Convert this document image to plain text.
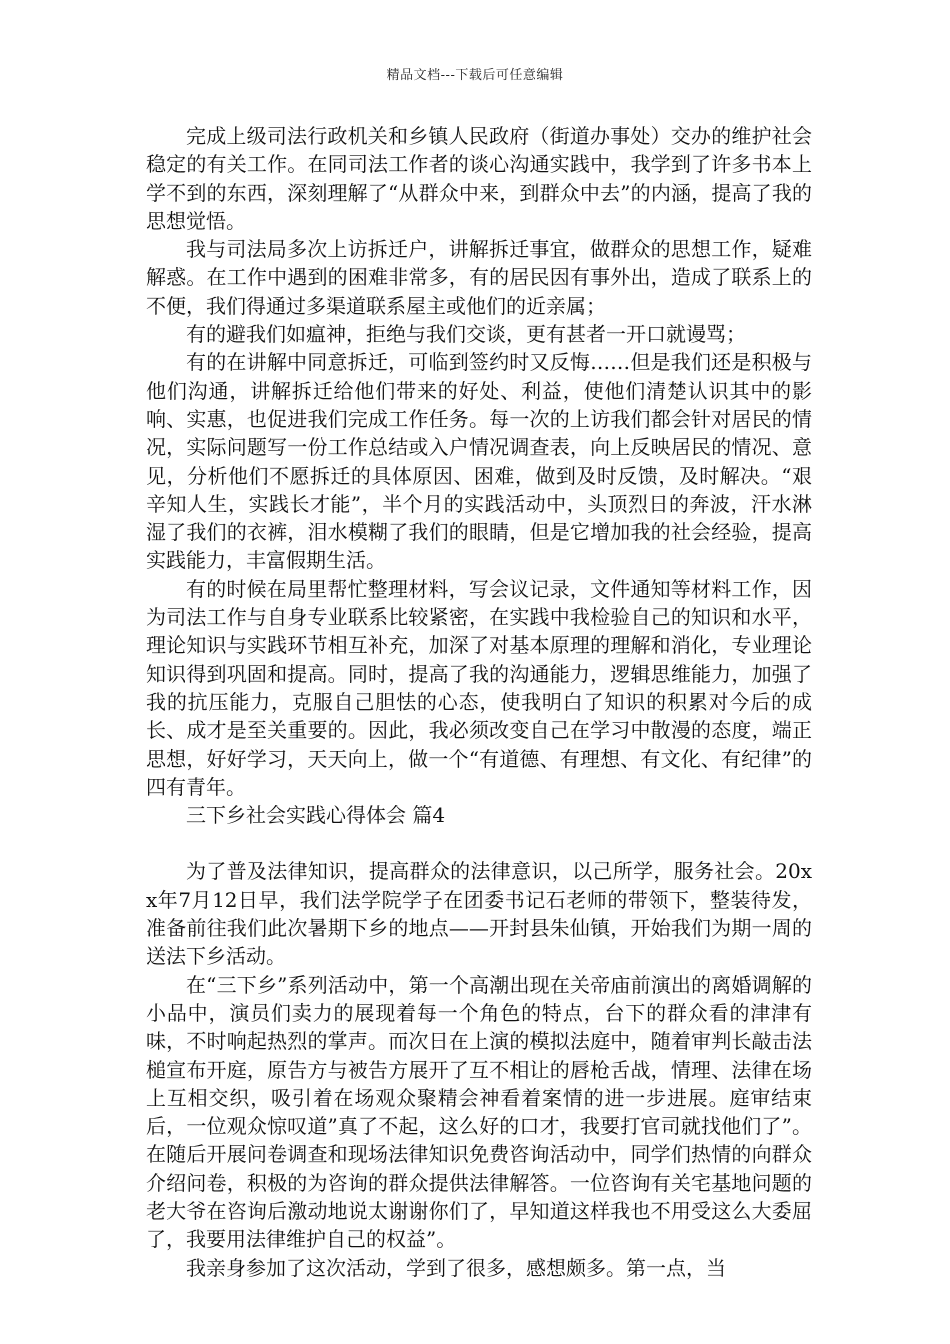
精品文档---下载后可任意编辑

完成上级司法行政机关和乡镇人民政府（街道办事处）交办的维护社会稳定的有关工作。在同司法工作者的谈心沟通实践中，我学到了许多书本上学不到的东西，深刻理解了“从群众中来，到群众中去”的内涵，提高了我的思想觉悟。

我与司法局多次上访拆迁户，讲解拆迁事宜，做群众的思想工作，疑难解惑。在工作中遇到的困难非常多，有的居民因有事外出，造成了联系上的不便，我们得通过多渠道联系屋主或他们的近亲属；

有的避我们如瘟神，拒绝与我们交谈，更有甚者一开口就谩骂；

有的在讲解中同意拆迁，可临到签约时又反悔……但是我们还是积极与他们沟通，讲解拆迁给他们带来的好处、利益，使他们清楚认识其中的影响、实惠，也促进我们完成工作任务。每一次的上访我们都会针对居民的情况，实际问题写一份工作总结或入户情况调查表，向上反映居民的情况、意见，分析他们不愿拆迁的具体原因、困难，做到及时反馈，及时解决。“艰辛知人生，实践长才能”，半个月的实践活动中，头顶烈日的奔波，汗水淋湿了我们的衣裤，泪水模糊了我们的眼睛，但是它增加我的社会经验，提高实践能力，丰富假期生活。

有的时候在局里帮忙整理材料，写会议记录，文件通知等材料工作，因为司法工作与自身专业联系比较紧密，在实践中我检验自己的知识和水平，理论知识与实践环节相互补充，加深了对基本原理的理解和消化，专业理论知识得到巩固和提高。同时，提高了我的沟通能力，逻辑思维能力，加强了我的抗压能力，克服自己胆怯的心态，使我明白了知识的积累对今后的成长、成才是至关重要的。因此，我必须改变自己在学习中散漫的态度，端正思想，好好学习，天天向上，做一个“有道德、有理想、有文化、有纪律”的四有青年。

三下乡社会实践心得体会 篇4

为了普及法律知识，提高群众的法律意识，以己所学，服务社会。20xx年7月12日早，我们法学院学子在团委书记石老师的带领下，整装待发，准备前往我们此次暑期下乡的地点——开封县朱仙镇，开始我们为期一周的送法下乡活动。

在“三下乡”系列活动中，第一个高潮出现在关帝庙前演出的离婚调解的小品中，演员们卖力的展现着每一个角色的特点，台下的群众看的津津有味，不时响起热烈的掌声。而次日在上演的模拟法庭中，随着审判长敲击法槌宣布开庭，原告方与被告方展开了互不相让的唇枪舌战，情理、法律在场上互相交织，吸引着在场观众聚精会神看着案情的进一步进展。庭审结束后，一位观众惊叹道”真了不起，这么好的口才，我要打官司就找他们了”。在随后开展问卷调查和现场法律知识免费咨询活动中，同学们热情的向群众介绍问卷，积极的为咨询的群众提供法律解答。一位咨询有关宅基地问题的老大爷在咨询后激动地说太谢谢你们了，早知道这样我也不用受这么大委屈了，我要用法律维护自己的权益”。

我亲身参加了这次活动，学到了很多，感想颇多。第一点，当
